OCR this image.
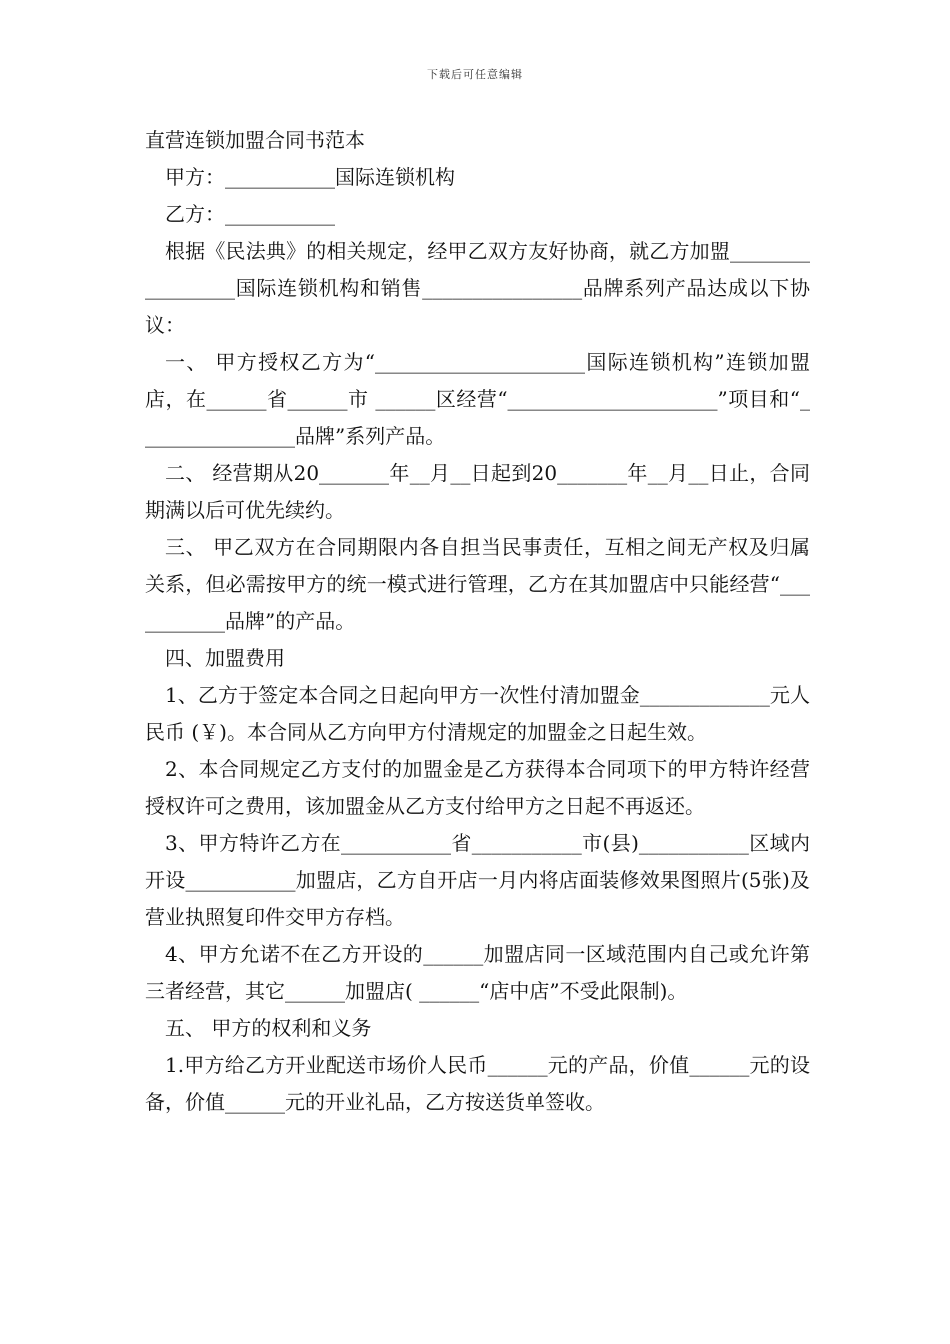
下载后可任意编辑
直营连锁加盟合同书范本

甲方：___________国际连锁机构

乙方：___________

根据《民法典》的相关规定，经甲乙双方友好协商，就乙方加盟_________________国际连锁机构和销售________________品牌系列产品达成以下协议：

一、 甲方授权乙方为“_____________________国际连锁机构”连锁加盟店，在______省______市 ______区经营“_____________________”项目和“________________品牌”系列产品。

二、 经营期从20_______年__月__日起到20_______年__月__日止，合同期满以后可优先续约。

三、 甲乙双方在合同期限内各自担当民事责任，互相之间无产权及归属关系，但必需按甲方的统一模式进行管理，乙方在其加盟店中只能经营“___________品牌”的产品。

四、加盟费用

1、乙方于签定本合同之日起向甲方一次性付清加盟金_____________元人民币 (￥)。本合同从乙方向甲方付清规定的加盟金之日起生效。

2、本合同规定乙方支付的加盟金是乙方获得本合同项下的甲方特许经营授权许可之费用，该加盟金从乙方支付给甲方之日起不再返还。

3、甲方特许乙方在___________省___________市(县)___________区域内开设___________加盟店，乙方自开店一月内将店面装修效果图照片(5张)及营业执照复印件交甲方存档。

4、甲方允诺不在乙方开设的______加盟店同一区域范围内自己或允许第三者经营，其它______加盟店( ______“店中店”不受此限制)。

五、 甲方的权利和义务

1.甲方给乙方开业配送市场价人民币______元的产品，价值______元的设备，价值______元的开业礼品，乙方按送货单签收。
